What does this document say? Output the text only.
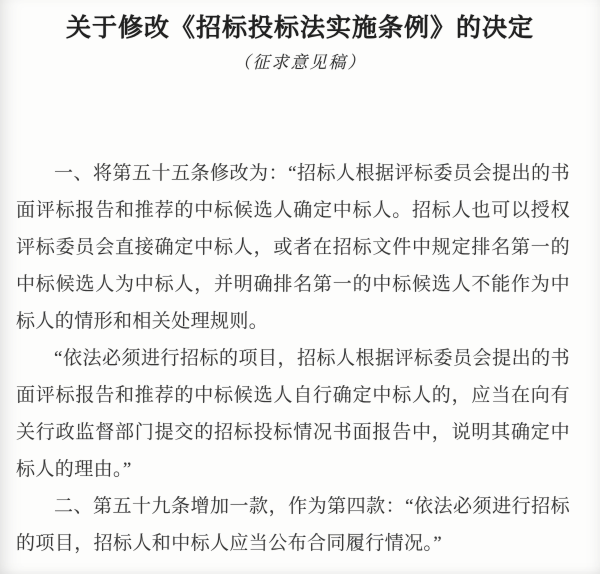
关于修改《招标投标法实施条例》的决定
（征求意见稿）

一、将第五十五条修改为：“招标人根据评标委员会提出的书面评标报告和推荐的中标候选人确定中标人。招标人也可以授权评标委员会直接确定中标人，或者在招标文件中规定排名第一的中标候选人为中标人，并明确排名第一的中标候选人不能作为中标人的情形和相关处理规则。

“依法必须进行招标的项目，招标人根据评标委员会提出的书面评标报告和推荐的中标候选人自行确定中标人的，应当在向有关行政监督部门提交的招标投标情况书面报告中，说明其确定中标人的理由。”

二、第五十九条增加一款，作为第四款：“依法必须进行招标的项目，招标人和中标人应当公布合同履行情况。”
